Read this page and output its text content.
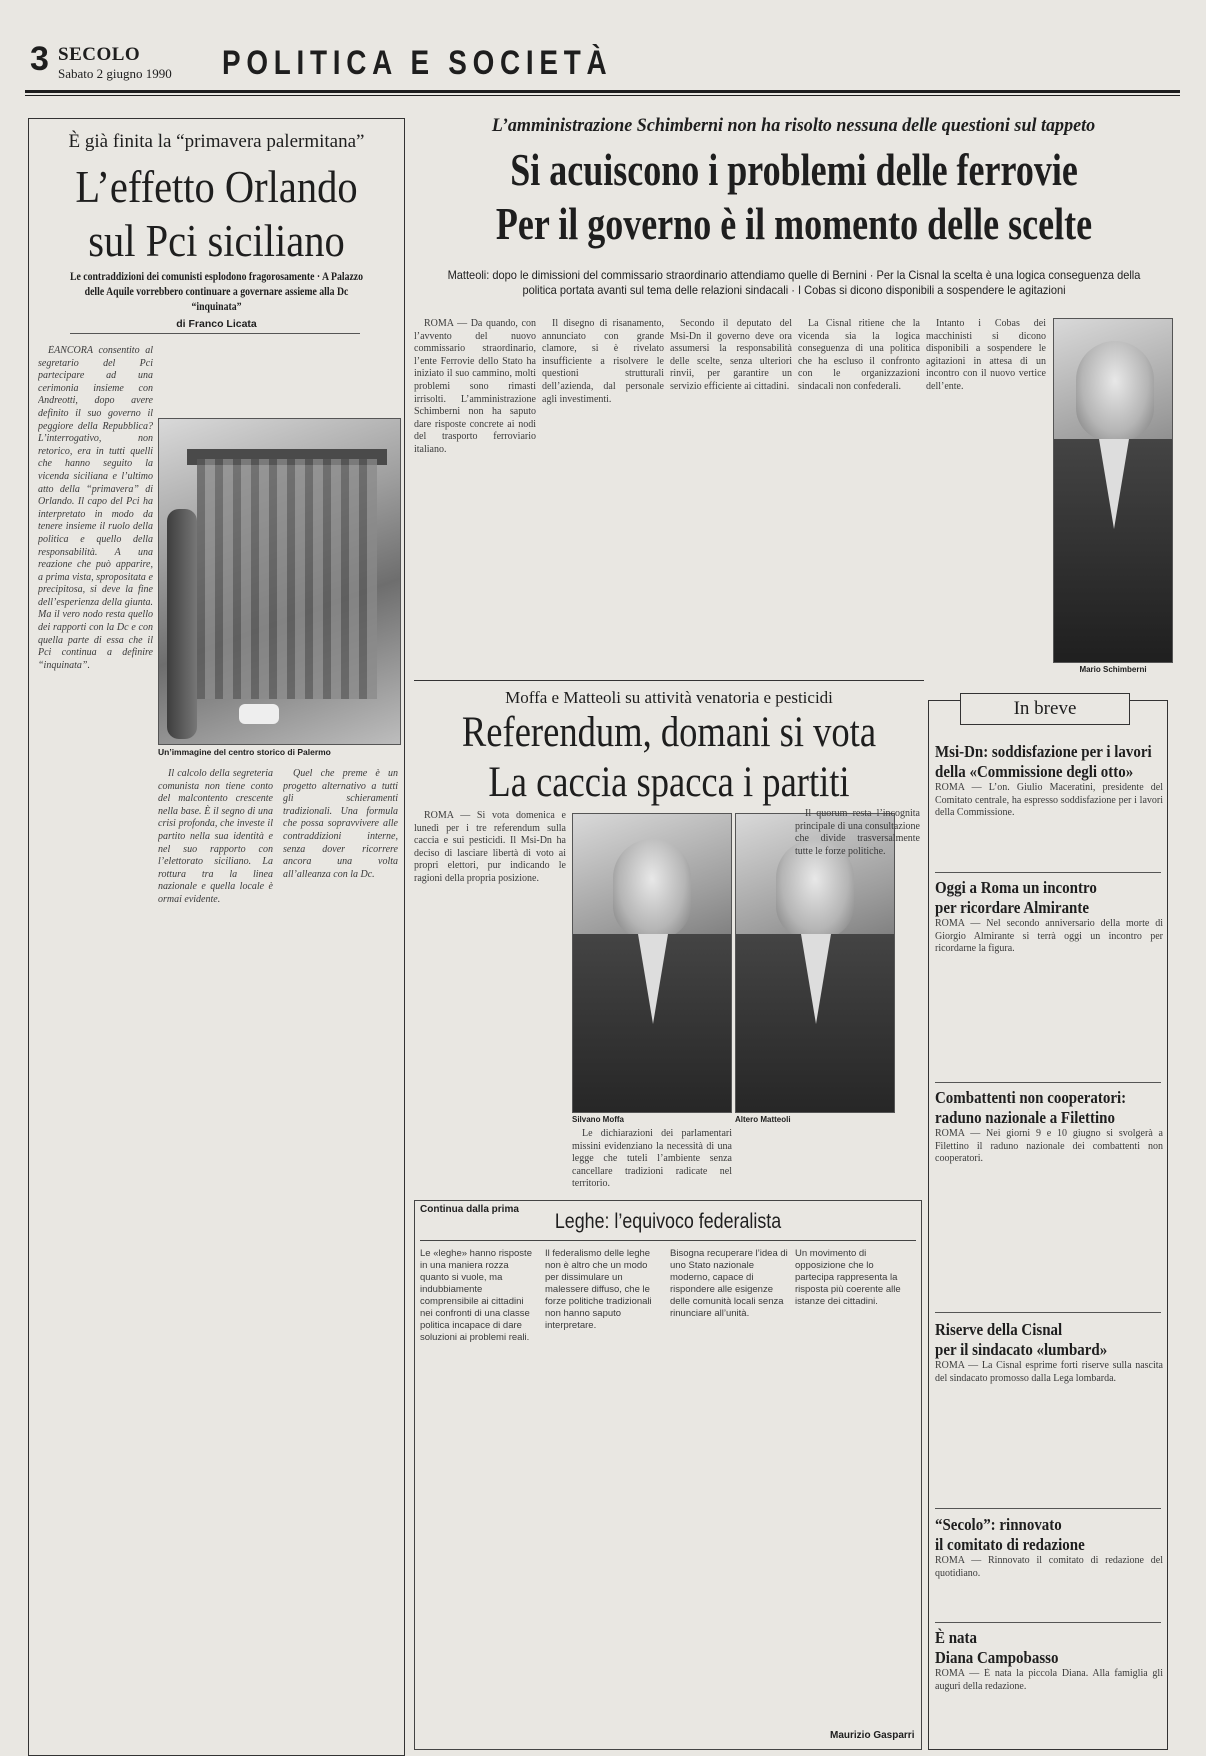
3 SECOLO
Sabato 2 giugno 1990 POLITICA E SOCIETÀ
È già finita la “primavera palermitana”
L’effetto Orlando
sul Pci siciliano
Le contraddizioni dei comunisti esplodono fragorosamente · A Palazzo delle Aquile vorrebbero continuare a governare assieme alla Dc “inquinata”
di Franco Licata

ÈANCORA consentito al segretario del Pci partecipare ad una cerimonia insieme con Andreotti, dopo avere definito il suo governo il peggiore della Repubblica? L’interrogativo, non retorico, era in tutti quelli che hanno seguito la vicenda siciliana e l’ultimo atto della “primavera” di Orlando. Il capo del Pci ha interpretato in modo da tenere insieme il ruolo della politica e quello della responsabilità. A una reazione che può apparire, a prima vista, spropositata e precipitosa, si deve la fine dell’esperienza della giunta. Ma il vero nodo resta quello dei rapporti con la Dc e con quella parte di essa che il Pci continua a definire “inquinata”.

Un’immagine del centro storico di Palermo

Il calcolo della segreteria comunista non tiene conto del malcontento crescente nella base. È il segno di una crisi profonda, che investe il partito nella sua identità e nel suo rapporto con l’elettorato siciliano. La rottura tra la linea nazionale e quella locale è ormai evidente.

Quel che preme è un progetto alternativo a tutti gli schieramenti tradizionali. Una formula che possa sopravvivere alle contraddizioni interne, senza dover ricorrere ancora una volta all’alleanza con la Dc.

L’amministrazione Schimberni non ha risolto nessuna delle questioni sul tappeto
Si acuiscono i problemi delle ferrovie
Per il governo è il momento delle scelte
Matteoli: dopo le dimissioni del commissario straordinario attendiamo quelle di Bernini · Per la Cisnal la scelta è una logica conseguenza della politica portata avanti sul tema delle relazioni sindacali · I Cobas si dicono disponibili a sospendere le agitazioni

ROMA — Da quando, con l’avvento del nuovo commissario straordinario, l’ente Ferrovie dello Stato ha iniziato il suo cammino, molti problemi sono rimasti irrisolti. L’amministrazione Schimberni non ha saputo dare risposte concrete ai nodi del trasporto ferroviario italiano.

Il disegno di risanamento, annunciato con grande clamore, si è rivelato insufficiente a risolvere le questioni strutturali dell’azienda, dal personale agli investimenti.

Secondo il deputato del Msi-Dn il governo deve ora assumersi la responsabilità delle scelte, senza ulteriori rinvii, per garantire un servizio efficiente ai cittadini.

La Cisnal ritiene che la vicenda sia la logica conseguenza di una politica che ha escluso il confronto con le organizzazioni sindacali non confederali.

Intanto i Cobas dei macchinisti si dicono disponibili a sospendere le agitazioni in attesa di un incontro con il nuovo vertice dell’ente.

Mario Schimberni
Moffa e Matteoli su attività venatoria e pesticidi
Referendum, domani si vota
La caccia spacca i partiti

ROMA — Si vota domenica e lunedì per i tre referendum sulla caccia e sui pesticidi. Il Msi-Dn ha deciso di lasciare libertà di voto ai propri elettori, pur indicando le ragioni della propria posizione.

Silvano Moffa	Altero Matteoli

Le dichiarazioni dei parlamentari missini evidenziano la necessità di una legge che tuteli l’ambiente senza cancellare tradizioni radicate nel territorio.

Il quorum resta l’incognita principale di una consultazione che divide trasversalmente tutte le forze politiche.

In breve
Msi-Dn: soddisfazione per i lavori
della «Commissione degli otto»
ROMA — L’on. Giulio Maceratini, presidente del Comitato centrale, ha espresso soddisfazione per i lavori della Commissione.
Oggi a Roma un incontro
per ricordare Almirante
ROMA — Nel secondo anniversario della morte di Giorgio Almirante si terrà oggi un incontro per ricordarne la figura.
Combattenti non cooperatori:
raduno nazionale a Filettino
ROMA — Nei giorni 9 e 10 giugno si svolgerà a Filettino il raduno nazionale dei combattenti non cooperatori.
Riserve della Cisnal
per il sindacato «lumbard»
ROMA — La Cisnal esprime forti riserve sulla nascita del sindacato promosso dalla Lega lombarda.
“Secolo”: rinnovato
il comitato di redazione
ROMA — Rinnovato il comitato di redazione del quotidiano.
È nata
Diana Campobasso
ROMA — È nata la piccola Diana. Alla famiglia gli auguri della redazione.
Continua dalla prima
Leghe: l’equivoco federalista
Le «leghe» hanno risposte in una maniera rozza quanto si vuole, ma indubbiamente comprensibile ai cittadini nei confronti di una classe politica incapace di dare soluzioni ai problemi reali.
Il federalismo delle leghe non è altro che un modo per dissimulare un malessere diffuso, che le forze politiche tradizionali non hanno saputo interpretare.
Bisogna recuperare l’idea di uno Stato nazionale moderno, capace di rispondere alle esigenze delle comunità locali senza rinunciare all’unità.
Un movimento di opposizione che lo partecipa rappresenta la risposta più coerente alle istanze dei cittadini.
Maurizio Gasparri
